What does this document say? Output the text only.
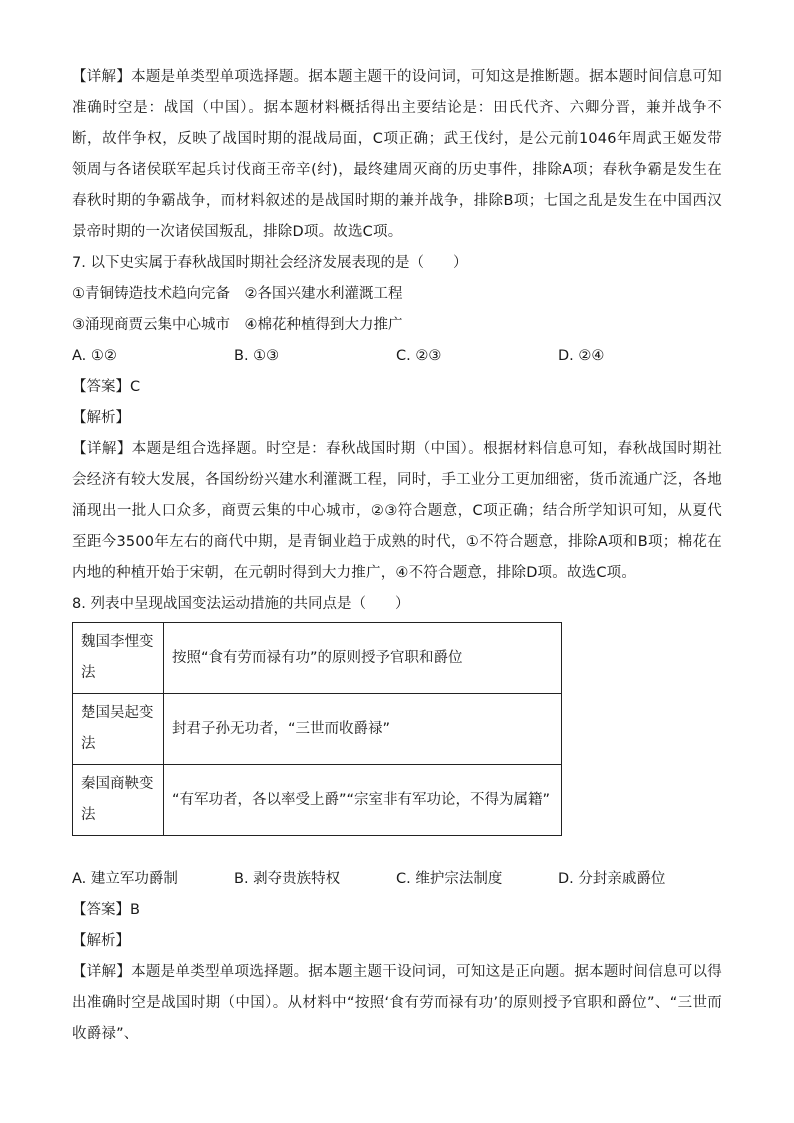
【详解】本题是单类型单项选择题。据本题主题干的设问词，可知这是推断题。据本题时间信息可知准确时空是：战国（中国）。据本题材料概括得出主要结论是：田氏代齐、六卿分晋，兼并战争不断，故伴争权，反映了战国时期的混战局面，C项正确；武王伐纣，是公元前1046年周武王姬发带领周与各诸侯联军起兵讨伐商王帝辛(纣)，最终建周灭商的历史事件，排除A项；春秋争霸是发生在春秋时期的争霸战争，而材料叙述的是战国时期的兼并战争，排除B项；七国之乱是发生在中国西汉景帝时期的一次诸侯国叛乱，排除D项。故选C项。

7. 以下史实属于春秋战国时期社会经济发展表现的是（　　）

①青铜铸造技术趋向完备　②各国兴建水利灌溉工程

③涌现商贾云集中心城市　④棉花种植得到大力推广

A. ①②	B. ①③	C. ②③	D. ②④

【答案】C

【解析】

【详解】本题是组合选择题。时空是：春秋战国时期（中国）。根据材料信息可知，春秋战国时期社会经济有较大发展，各国纷纷兴建水利灌溉工程，同时，手工业分工更加细密，货币流通广泛，各地涌现出一批人口众多，商贾云集的中心城市，②③符合题意，C项正确；结合所学知识可知，从夏代至距今3500年左右的商代中期，是青铜业趋于成熟的时代，①不符合题意，排除A项和B项；棉花在内地的种植开始于宋朝，在元朝时得到大力推广，④不符合题意，排除D项。故选C项。

8. 列表中呈现战国变法运动措施的共同点是（　　）

魏国李悝变法	按照“食有劳而禄有功”的原则授予官职和爵位
楚国吴起变法	封君子孙无功者，“三世而收爵禄”
秦国商鞅变法	“有军功者，各以率受上爵”“宗室非有军功论，不得为属籍”
A. 建立军功爵制	B. 剥夺贵族特权	C. 维护宗法制度	D. 分封亲戚爵位

【答案】B

【解析】

【详解】本题是单类型单项选择题。据本题主题干设问词，可知这是正向题。据本题时间信息可以得出准确时空是战国时期（中国）。从材料中“按照‘食有劳而禄有功’的原则授予官职和爵位”、“三世而收爵禄”、
